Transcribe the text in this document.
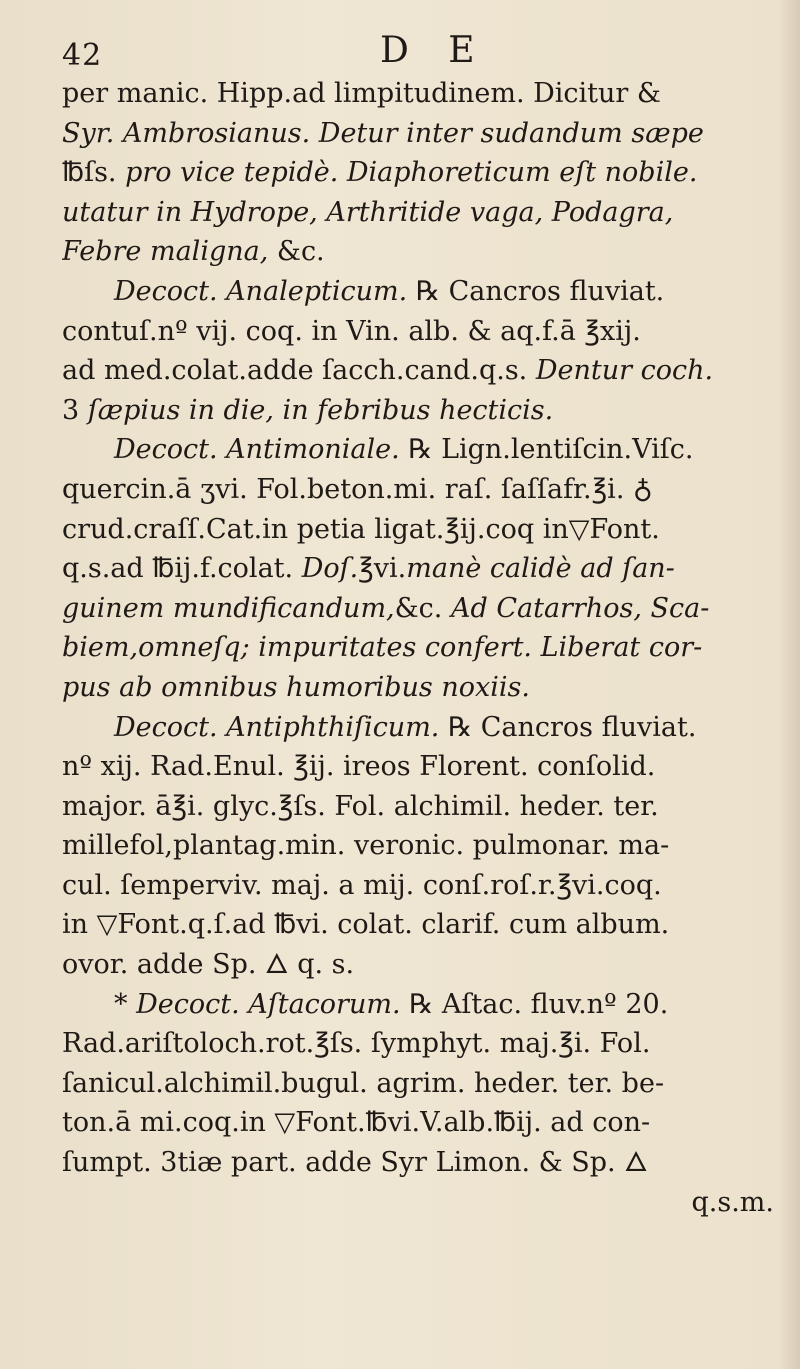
42	D E
per manic. Hipp.ad limpitudinem. Dicitur &
Syr. Ambrosianus. Detur inter sudandum sæpe
℔ſs. pro vice tepidè. Diaphoreticum eſt nobile.
utatur in Hydrope, Arthritide vaga, Podagra,
Febre maligna, &c.
Decoct. Analepticum. ℞ Cancros fluviat.
contuſ.nº vij. coq. in Vin. alb. & aq.f.ā ℥xij.
ad med.colat.adde ſacch.cand.q.s. Dentur coch.
3 ſæpius in die, in febribus hecticis.
Decoct. Antimoniale. ℞ Lign.lentiſcin.Viſc.
quercin.ā ʒvi. Fol.beton.mi. raſ. ſaſſafr.℥i. ♁
crud.craſſ.Cat.in petia ligat.℥ij.coq in▽Font.
q.s.ad ℔ij.f.colat. Doſ.℥vi.manè calidè ad ſan-
guinem mundificandum,&c. Ad Catarrhos, Sca-
biem,omneſq; impuritates confert. Liberat cor-
pus ab omnibus humoribus noxiis.
Decoct. Antiphthiſicum. ℞ Cancros fluviat.
nº xij. Rad.Enul. ℥ij. ireos Florent. conſolid.
major. ā℥i. glyc.℥ſs. Fol. alchimil. heder. ter.
millefol,plantag.min. veronic. pulmonar. ma-
cul. ſemperviv. maj. a mij. conſ.roſ.r.℥vi.coq.
in ▽Font.q.ſ.ad ℔vi. colat. clarif. cum album.
ovor. adde Sp. 🜂 q. s.
* Decoct. Aſtacorum. ℞ Aſtac. fluv.nº 20.
Rad.ariſtoloch.rot.℥ſs. ſymphyt. maj.℥i. Fol.
ſanicul.alchimil.bugul. agrim. heder. ter. be-
ton.ā mi.coq.in ▽Font.℔vi.V.alb.℔ij. ad con-
ſumpt. 3tiæ part. adde Syr Limon. & Sp. 🜂
q.s.m.
